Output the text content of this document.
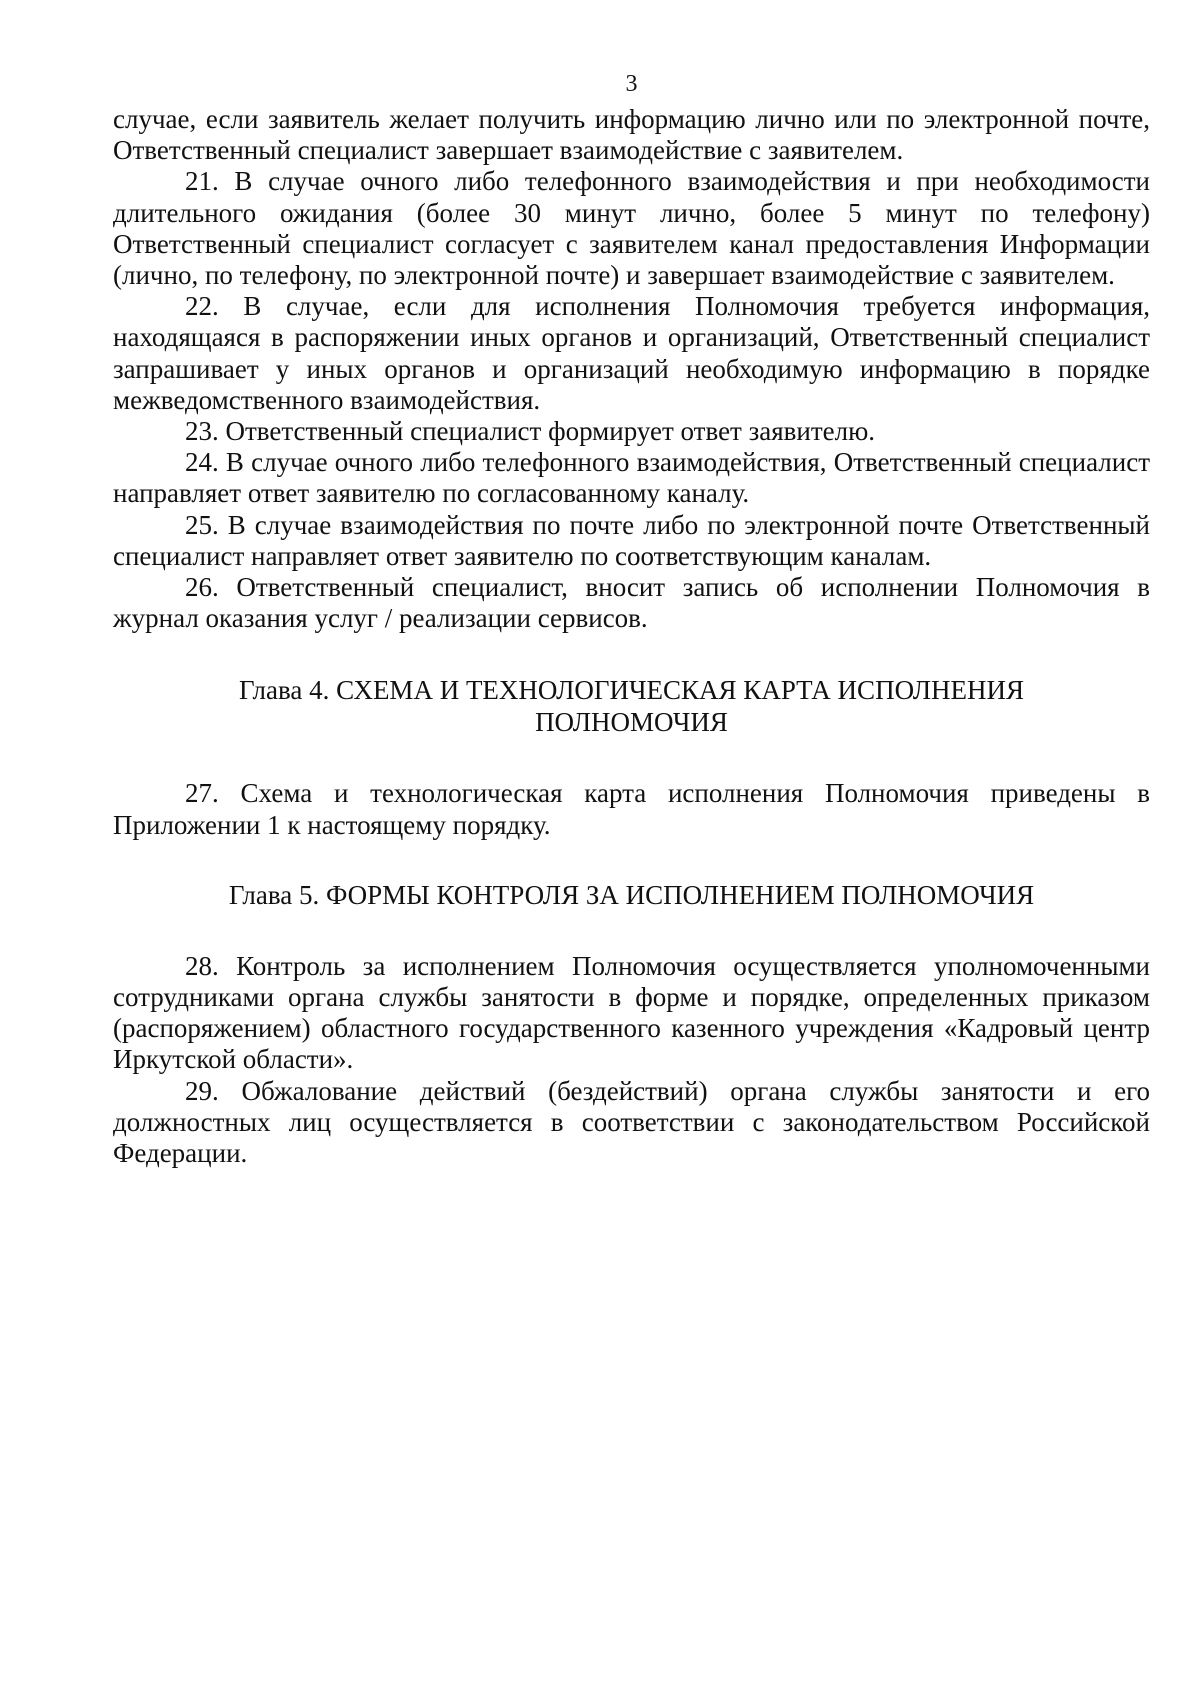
3

случае, если заявитель желает получить информацию лично или по электронной почте, Ответственный специалист завершает взаимодействие с заявителем.

21. В случае очного либо телефонного взаимодействия и при необходимости длительного ожидания (более 30 минут лично, более 5 минут по телефону) Ответственный специалист согласует с заявителем канал предоставления Информации (лично, по телефону, по электронной почте) и завершает взаимодействие с заявителем.

22. В случае, если для исполнения Полномочия требуется информация, находящаяся в распоряжении иных органов и организаций, Ответственный специалист запрашивает у иных органов и организаций необходимую информацию в порядке межведомственного взаимодействия.

23. Ответственный специалист формирует ответ заявителю.

24. В случае очного либо телефонного взаимодействия, Ответственный специалист направляет ответ заявителю по согласованному каналу.

25. В случае взаимодействия по почте либо по электронной почте Ответственный специалист направляет ответ заявителю по соответствующим каналам.

26. Ответственный специалист, вносит запись об исполнении Полномочия в журнал оказания услуг / реализации сервисов.

Глава 4. СХЕМА И ТЕХНОЛОГИЧЕСКАЯ КАРТА ИСПОЛНЕНИЯ

ПОЛНОМОЧИЯ

27. Схема и технологическая карта исполнения Полномочия приведены в Приложении 1 к настоящему порядку.

Глава 5. ФОРМЫ КОНТРОЛЯ ЗА ИСПОЛНЕНИЕМ ПОЛНОМОЧИЯ

28. Контроль за исполнением Полномочия осуществляется уполномоченными сотрудниками органа службы занятости в форме и порядке, определенных приказом (распоряжением) областного государственного казенного учреждения «Кадровый центр Иркутской области».

29. Обжалование действий (бездействий) органа службы занятости и его должностных лиц осуществляется в соответствии с законодательством Российской Федерации.
